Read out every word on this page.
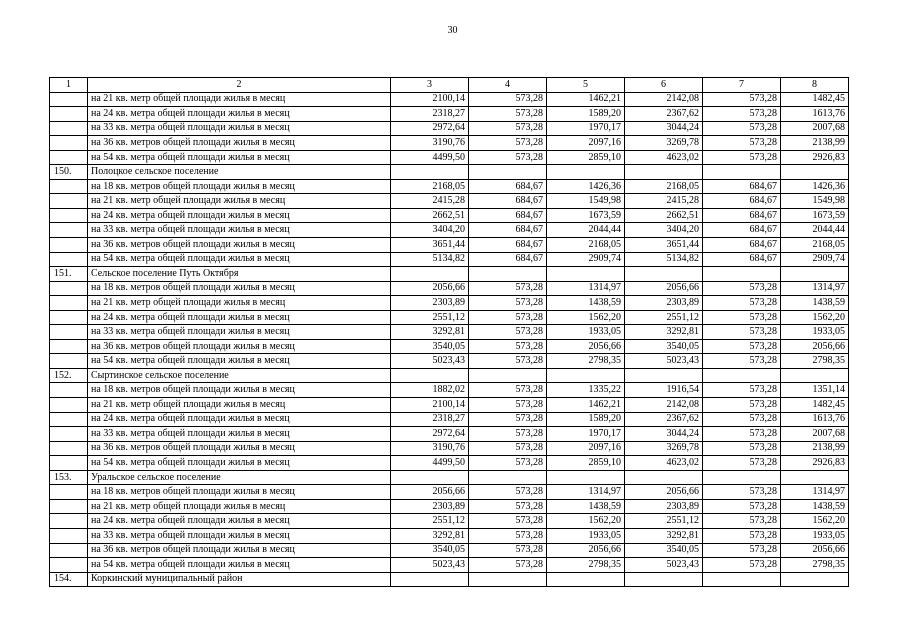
30
1	2	3	4	5	6	7	8
	на 21 кв. метр общей площади жилья в месяц	2100,14	573,28	1462,21	2142,08	573,28	1482,45
	на 24 кв. метра общей площади жилья в месяц	2318,27	573,28	1589,20	2367,62	573,28	1613,76
	на 33 кв. метра общей площади жилья в месяц	2972,64	573,28	1970,17	3044,24	573,28	2007,68
	на 36 кв. метров общей площади жилья в месяц	3190,76	573,28	2097,16	3269,78	573,28	2138,99
	на 54 кв. метра общей площади жилья в месяц	4499,50	573,28	2859,10	4623,02	573,28	2926,83
150.	Полоцкое сельское поселение						
	на 18 кв. метров общей площади жилья в месяц	2168,05	684,67	1426,36	2168,05	684,67	1426,36
	на 21 кв. метр общей площади жилья в месяц	2415,28	684,67	1549,98	2415,28	684,67	1549,98
	на 24 кв. метра общей площади жилья в месяц	2662,51	684,67	1673,59	2662,51	684,67	1673,59
	на 33 кв. метра общей площади жилья в месяц	3404,20	684,67	2044,44	3404,20	684,67	2044,44
	на 36 кв. метров общей площади жилья в месяц	3651,44	684,67	2168,05	3651,44	684,67	2168,05
	на 54 кв. метра общей площади жилья в месяц	5134,82	684,67	2909,74	5134,82	684,67	2909,74
151.	Сельское поселение Путь Октября						
	на 18 кв. метров общей площади жилья в месяц	2056,66	573,28	1314,97	2056,66	573,28	1314,97
	на 21 кв. метр общей площади жилья в месяц	2303,89	573,28	1438,59	2303,89	573,28	1438,59
	на 24 кв. метра общей площади жилья в месяц	2551,12	573,28	1562,20	2551,12	573,28	1562,20
	на 33 кв. метра общей площади жилья в месяц	3292,81	573,28	1933,05	3292,81	573,28	1933,05
	на 36 кв. метров общей площади жилья в месяц	3540,05	573,28	2056,66	3540,05	573,28	2056,66
	на 54 кв. метра общей площади жилья в месяц	5023,43	573,28	2798,35	5023,43	573,28	2798,35
152.	Сыртинское сельское поселение						
	на 18 кв. метров общей площади жилья в месяц	1882,02	573,28	1335,22	1916,54	573,28	1351,14
	на 21 кв. метр общей площади жилья в месяц	2100,14	573,28	1462,21	2142,08	573,28	1482,45
	на 24 кв. метра общей площади жилья в месяц	2318,27	573,28	1589,20	2367,62	573,28	1613,76
	на 33 кв. метра общей площади жилья в месяц	2972,64	573,28	1970,17	3044,24	573,28	2007,68
	на 36 кв. метров общей площади жилья в месяц	3190,76	573,28	2097,16	3269,78	573,28	2138,99
	на 54 кв. метра общей площади жилья в месяц	4499,50	573,28	2859,10	4623,02	573,28	2926,83
153.	Уральское сельское поселение						
	на 18 кв. метров общей площади жилья в месяц	2056,66	573,28	1314,97	2056,66	573,28	1314,97
	на 21 кв. метр общей площади жилья в месяц	2303,89	573,28	1438,59	2303,89	573,28	1438,59
	на 24 кв. метра общей площади жилья в месяц	2551,12	573,28	1562,20	2551,12	573,28	1562,20
	на 33 кв. метра общей площади жилья в месяц	3292,81	573,28	1933,05	3292,81	573,28	1933,05
	на 36 кв. метров общей площади жилья в месяц	3540,05	573,28	2056,66	3540,05	573,28	2056,66
	на 54 кв. метра общей площади жилья в месяц	5023,43	573,28	2798,35	5023,43	573,28	2798,35
154.	Коркинский муниципальный район						
